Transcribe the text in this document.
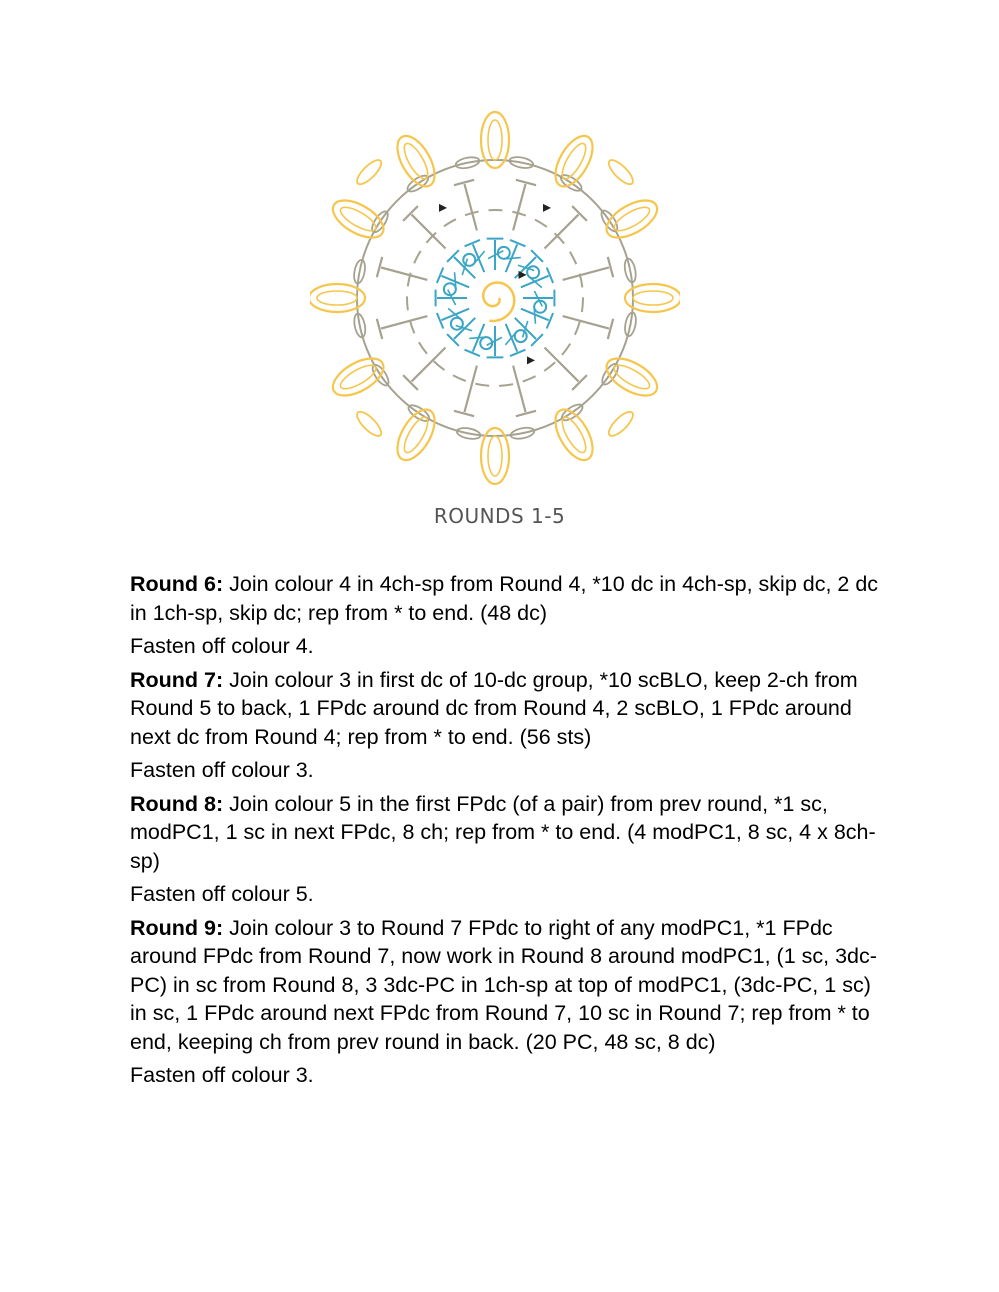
ROUNDS 1-5

Round 6: Join colour 4 in 4ch-sp from Round 4, *10 dc in 4ch-sp, skip dc, 2 dc in 1ch-sp, skip dc; rep from * to end. (48 dc)

Fasten off colour 4.

Round 7: Join colour 3 in first dc of 10-dc group, *10 scBLO, keep 2-ch from Round 5 to back, 1 FPdc around dc from Round 4, 2 scBLO, 1 FPdc around next dc from Round 4; rep from * to end. (56 sts)

Fasten off colour 3.

Round 8: Join colour 5 in the first FPdc (of a pair) from prev round, *1 sc, modPC1, 1 sc in next FPdc, 8 ch; rep from * to end. (4 modPC1, 8 sc, 4 x 8ch-sp)

Fasten off colour 5.

Round 9: Join colour 3 to Round 7 FPdc to right of any modPC1, *1 FPdc around FPdc from Round 7, now work in Round 8 around modPC1, (1 sc, 3dc-PC) in sc from Round 8, 3 3dc-PC in 1ch-sp at top of modPC1, (3dc-PC, 1 sc) in sc, 1 FPdc around next FPdc from Round 7, 10 sc in Round 7; rep from * to end, keeping ch from prev round in back. (20 PC, 48 sc, 8 dc)

Fasten off colour 3.
